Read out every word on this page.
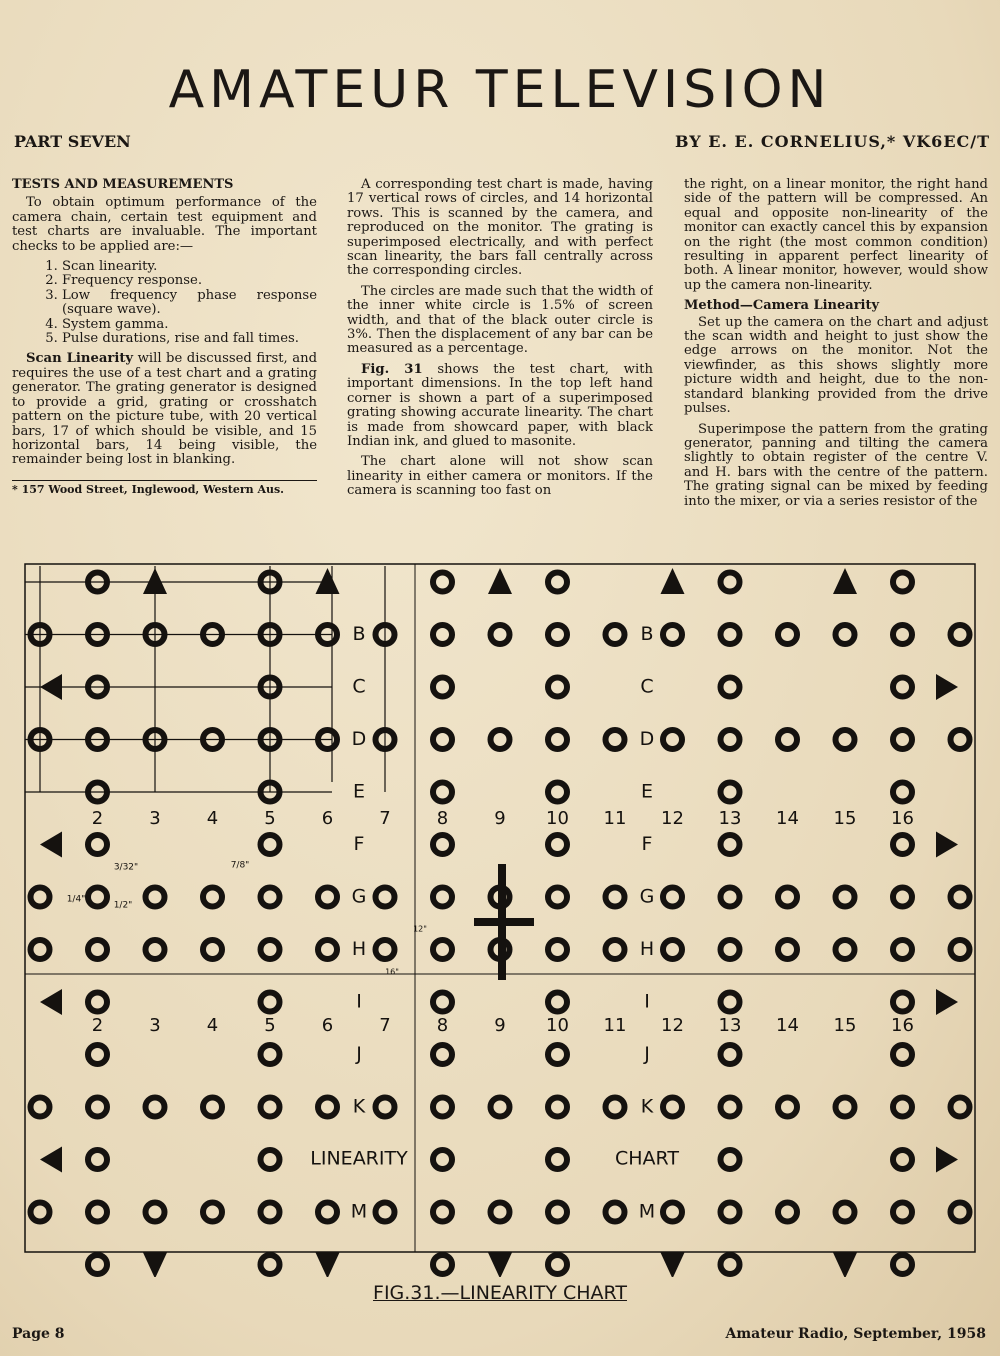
AMATEUR TELEVISION
PART SEVEN	BY E. E. CORNELIUS,* VK6EC/T
TESTS AND MEASUREMENTS

To obtain optimum performance of the camera chain, certain test equipment and test charts are invaluable. The important checks to be applied are:—

1. Scan linearity.
2. Frequency response.
3. Low frequency phase response (square wave).
4. System gamma.
5. Pulse durations, rise and fall times.

Scan Linearity will be discussed first, and requires the use of a test chart and a grating generator. The grating generator is designed to provide a grid, grating or crosshatch pattern on the picture tube, with 20 vertical bars, 17 of which should be visible, and 15 horizontal bars, 14 being visible, the remainder being lost in blanking.

* 157 Wood Street, Inglewood, Western Aus.

A corresponding test chart is made, having 17 vertical rows of circles, and 14 horizontal rows. This is scanned by the camera, and reproduced on the monitor. The grating is superimposed electrically, and with perfect scan linearity, the bars fall centrally across the corresponding circles.

The circles are made such that the width of the inner white circle is 1.5% of screen width, and that of the black outer circle is 3%. Then the displacement of any bar can be measured as a percentage.

Fig. 31 shows the test chart, with important dimensions. In the top left hand corner is shown a part of a superimposed grating showing accurate linearity. The chart is made from showcard paper, with black Indian ink, and glued to masonite.

The chart alone will not show scan linearity in either camera or monitors. If the camera is scanning too fast on

the right, on a linear monitor, the right hand side of the pattern will be compressed. An equal and opposite non-linearity of the monitor can exactly cancel this by expansion on the right (the most common condition) resulting in apparent perfect linearity of both. A linear monitor, however, would show up the camera non-linearity.

Method—Camera Linearity

Set up the camera on the chart and adjust the scan width and height to just show the edge arrows on the monitor. Not the viewfinder, as this shows slightly more picture width and height, due to the non-standard blanking provided from the drive pulses.

Superimpose the pattern from the grating generator, panning and tilting the camera slightly to obtain register of the centre V. and H. bars with the centre of the pattern. The grating signal can be mixed by feeding into the mixer, or via a series resistor of the

B	B
C	C
D	D
E	E
F	F
G	G
H	H
I	I
J	J
K	K
M	M
2
2
3
3
4
4
5
5
6
6
7
7
8
8
9
9
10
10
11
11
12
12
13
13
14
14
15
15
16
16
LINEARITY	CHART
12"
16"
3/32"
1/2"
1/4"
7/8"
FIG.31.—LINEARITY CHART
Page 8	Amateur Radio, September, 1958
